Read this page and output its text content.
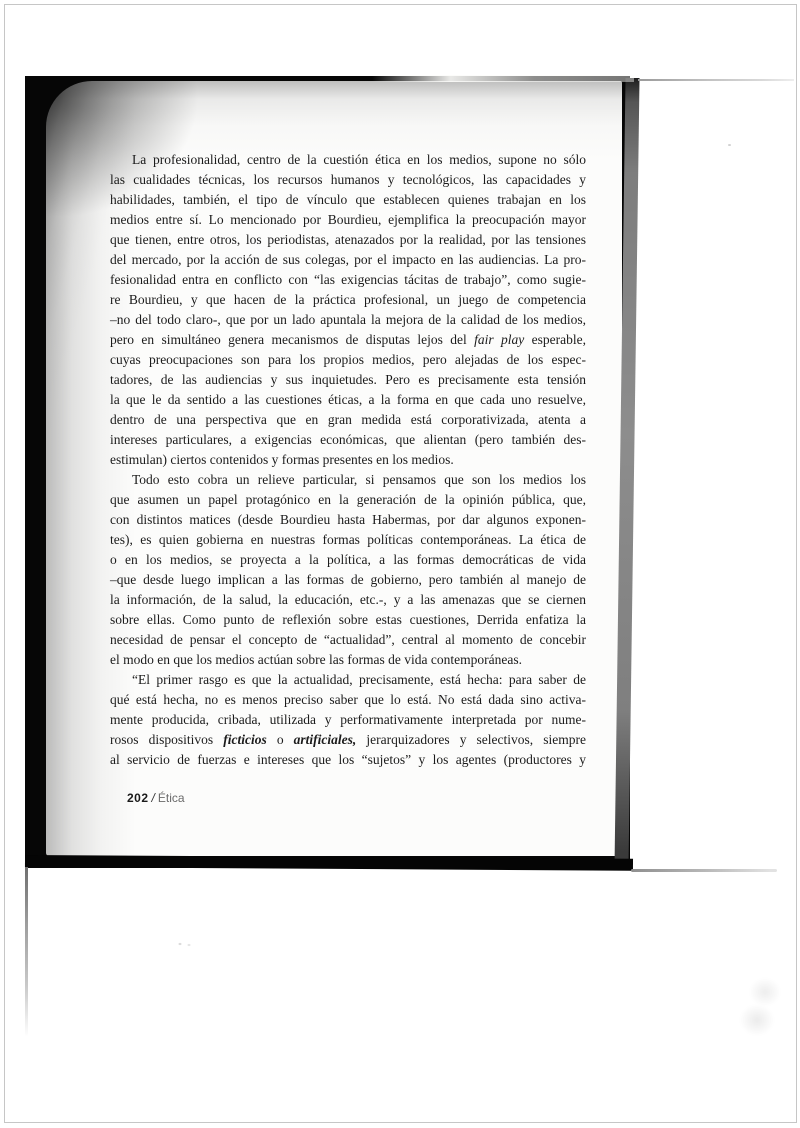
La profesionalidad, centro de la cuestión ética en los medios, supone no sólo
las cualidades técnicas, los recursos humanos y tecnológicos, las capacidades y
habilidades, también, el tipo de vínculo que establecen quienes trabajan en los
medios entre sí. Lo mencionado por Bourdieu, ejemplifica la preocupación mayor
que tienen, entre otros, los periodistas, atenazados por la realidad, por las tensiones
del mercado, por la acción de sus colegas, por el impacto en las audiencias. La pro-
fesionalidad entra en conflicto con “las exigencias tácitas de trabajo”, como sugie-
re Bourdieu, y que hacen de la práctica profesional, un juego de competencia
–no del todo claro-, que por un lado apuntala la mejora de la calidad de los medios,
pero en simultáneo genera mecanismos de disputas lejos del fair play esperable,
cuyas preocupaciones son para los propios medios, pero alejadas de los espec-
tadores, de las audiencias y sus inquietudes. Pero es precisamente esta tensión
la que le da sentido a las cuestiones éticas, a la forma en que cada uno resuelve,
dentro de una perspectiva que en gran medida está corporativizada, atenta a
intereses particulares, a exigencias económicas, que alientan (pero también des-
estimulan) ciertos contenidos y formas presentes en los medios.
Todo esto cobra un relieve particular, si pensamos que son los medios los
que asumen un papel protagónico en la generación de la opinión pública, que,
con distintos matices (desde Bourdieu hasta Habermas, por dar algunos exponen-
tes), es quien gobierna en nuestras formas políticas contemporáneas. La ética de
o en los medios, se proyecta a la política, a las formas democráticas de vida
–que desde luego implican a las formas de gobierno, pero también al manejo de
la información, de la salud, la educación, etc.-, y a las amenazas que se ciernen
sobre ellas. Como punto de reflexión sobre estas cuestiones, Derrida enfatiza la
necesidad de pensar el concepto de “actualidad”, central al momento de concebir
el modo en que los medios actúan sobre las formas de vida contemporáneas.
“El primer rasgo es que la actualidad, precisamente, está hecha: para saber de
qué está hecha, no es menos preciso saber que lo está. No está dada sino activa-
mente producida, cribada, utilizada y performativamente interpretada por nume-
rosos dispositivos ficticios o artificiales, jerarquizadores y selectivos, siempre
al servicio de fuerzas e intereses que los “sujetos” y los agentes (productores y
202 / Ética
